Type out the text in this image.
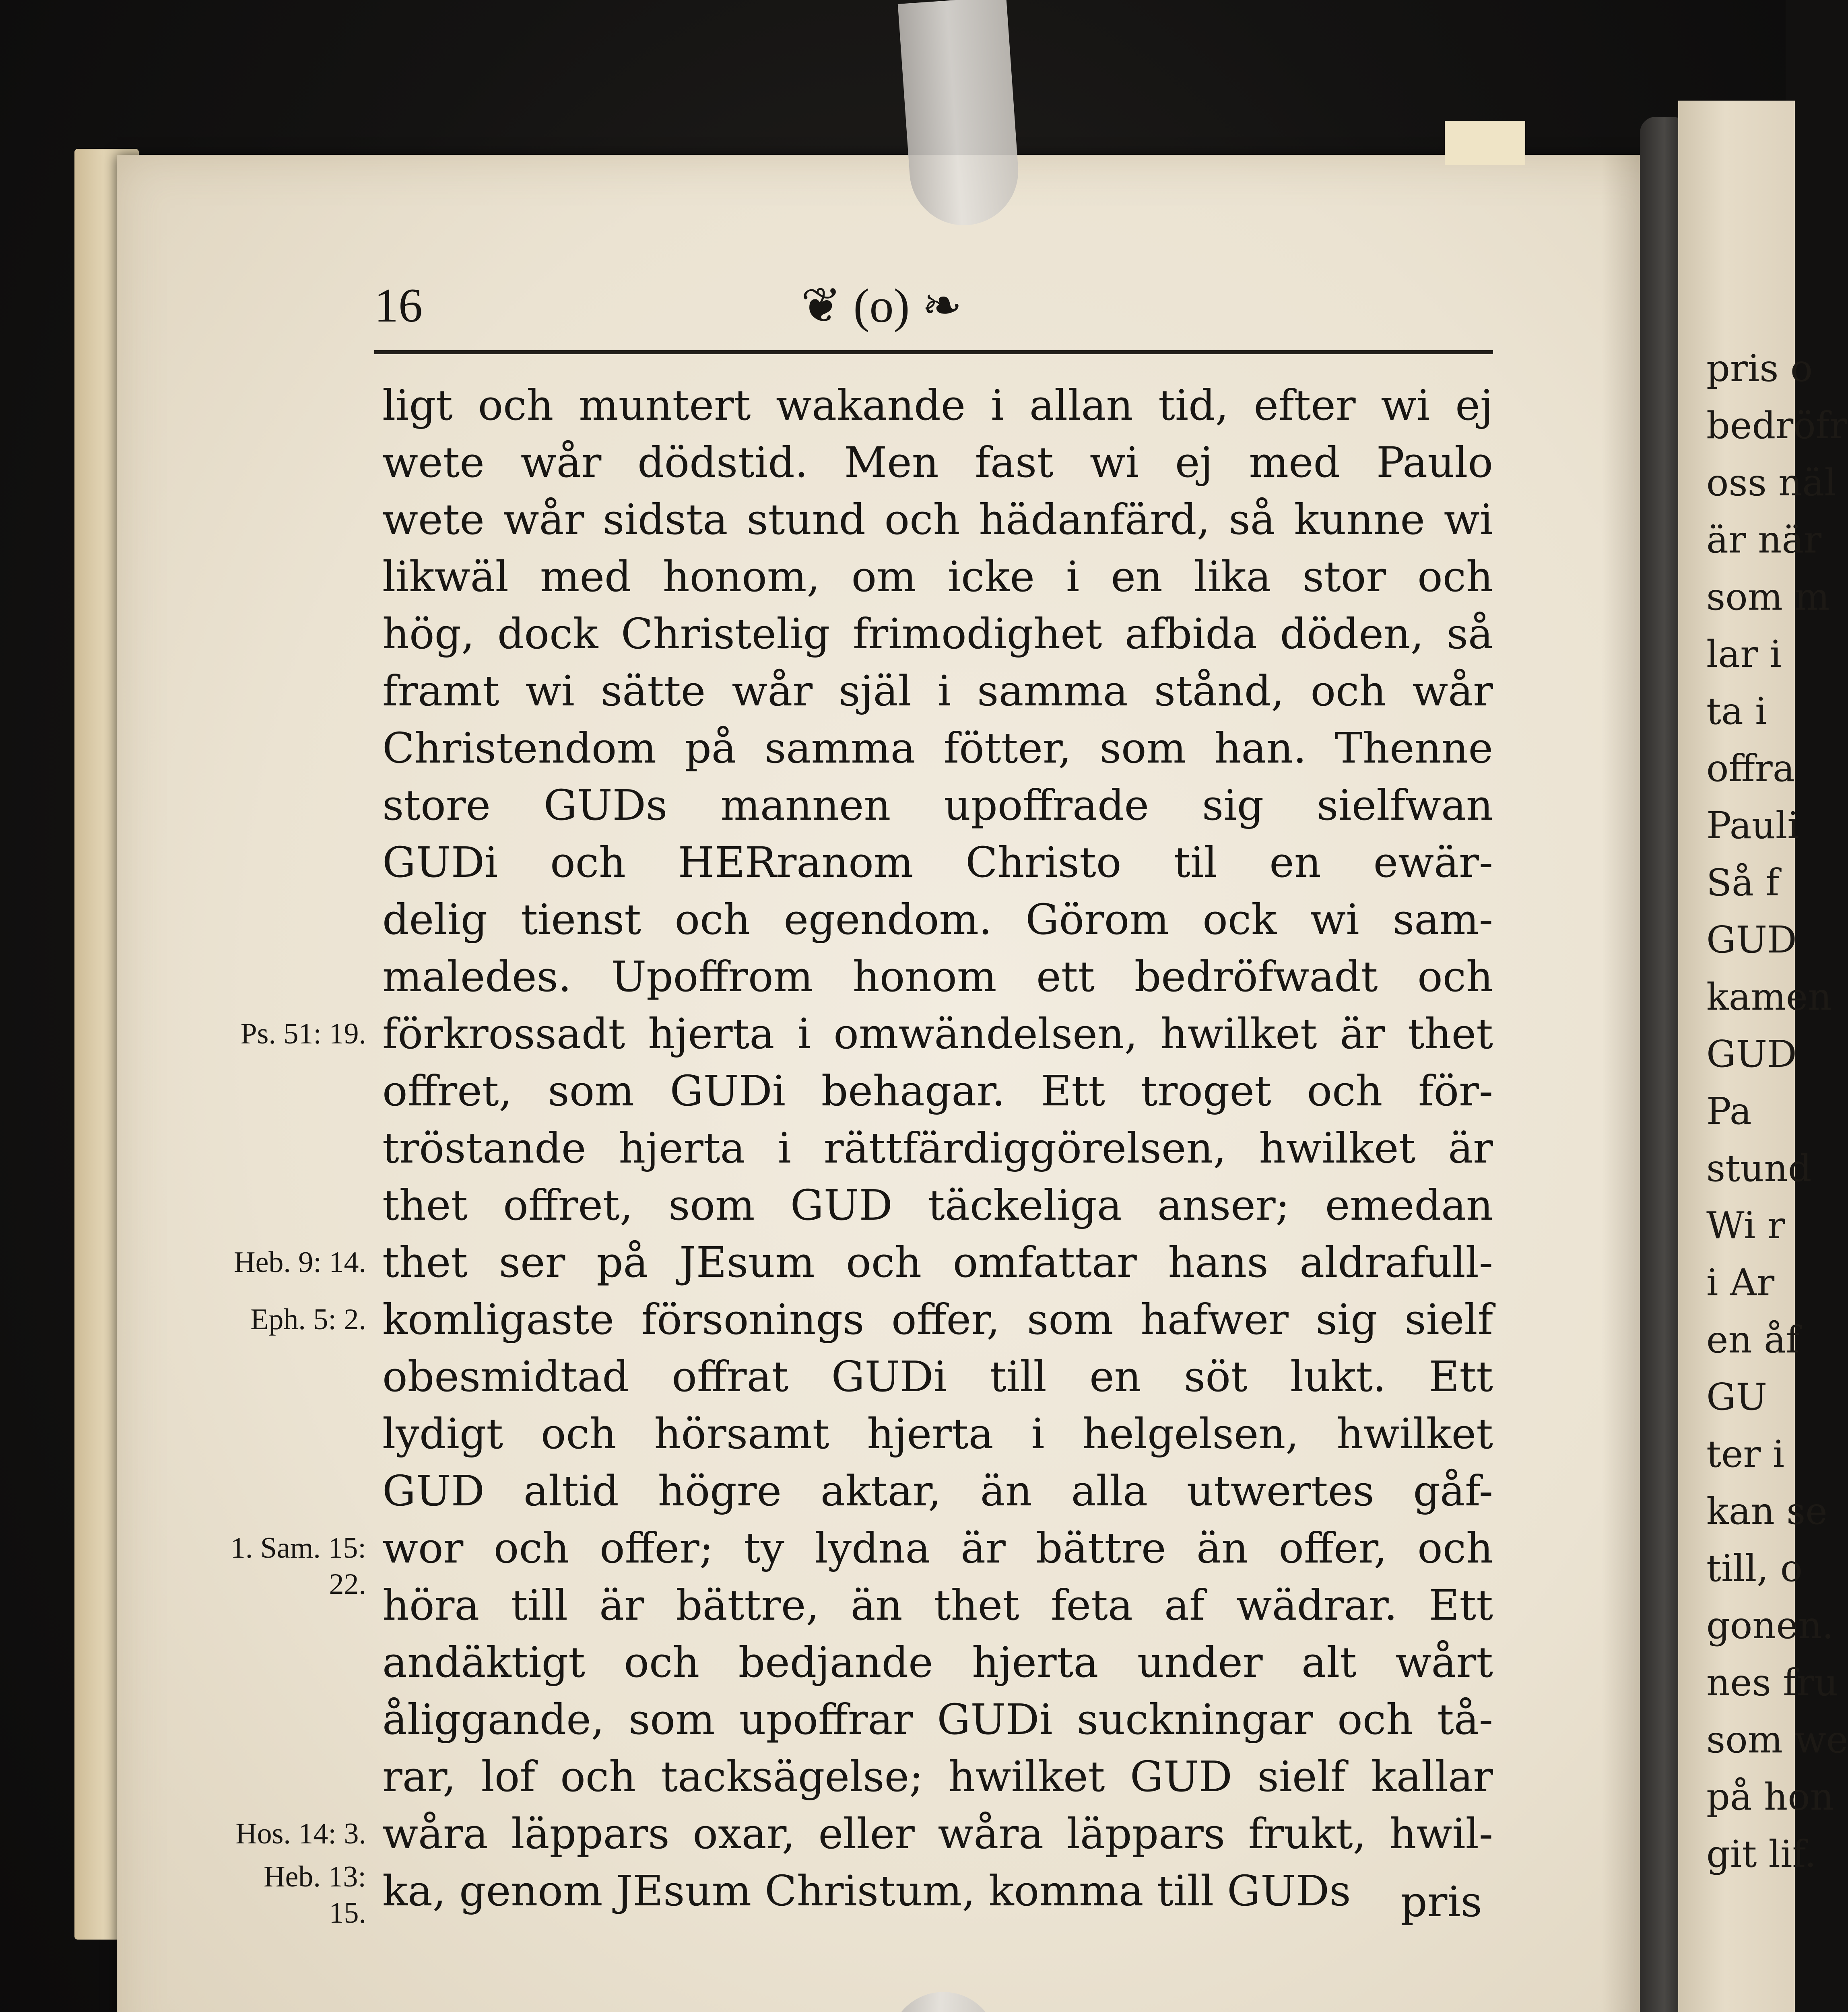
pris o
bedröfr
oss näl
är när
som m
lar i
ta i
offra
Pauli
Så f
GUD
kamen
GUD
Pa
stund
Wi r
i Ar
en åf
GU
ter i
kan se
till, o
gonen.
nes fru
som we
på hon
git lif.
16	❦ (o) ❧
ligt och muntert wakande i allan tid, efter wi ej
wete wår dödstid. Men fast wi ej med Paulo
wete wår sidsta stund och hädanfärd, så kunne wi
likwäl med honom, om icke i en lika stor och
hög, dock Christelig frimodighet afbida döden, så
framt wi sätte wår själ i samma stånd, och wår
Christendom på samma fötter, som han. Thenne
store GUDs mannen upoffrade sig sielfwan
GUDi och HERranom Christo til en ewär-
delig tienst och egendom. Görom ock wi sam-
maledes. Upoffrom honom ett bedröfwadt och
förkrossadt hjerta i omwändelsen, hwilket är thet
offret, som GUDi behagar. Ett troget och för-
tröstande hjerta i rättfärdiggörelsen, hwilket är
thet offret, som GUD täckeliga anser; emedan
thet ser på JEsum och omfattar hans aldrafull-
komligaste försonings offer, som hafwer sig sielf
obesmidtad offrat GUDi till en söt lukt. Ett
lydigt och hörsamt hjerta i helgelsen, hwilket
GUD altid högre aktar, än alla utwertes gåf-
wor och offer; ty lydna är bättre än offer, och
höra till är bättre, än thet feta af wädrar. Ett
andäktigt och bedjande hjerta under alt wårt
åliggande, som upoffrar GUDi suckningar och tå-
rar, lof och tacksägelse; hwilket GUD sielf kallar
wåra läppars oxar, eller wåra läppars frukt, hwil-
ka, genom JEsum Christum, komma till GUDs
Ps. 51: 19.
Heb. 9: 14.
Eph. 5: 2.
1. Sam. 15:
22.
Hos. 14: 3.
Heb. 13:
15.	pris
